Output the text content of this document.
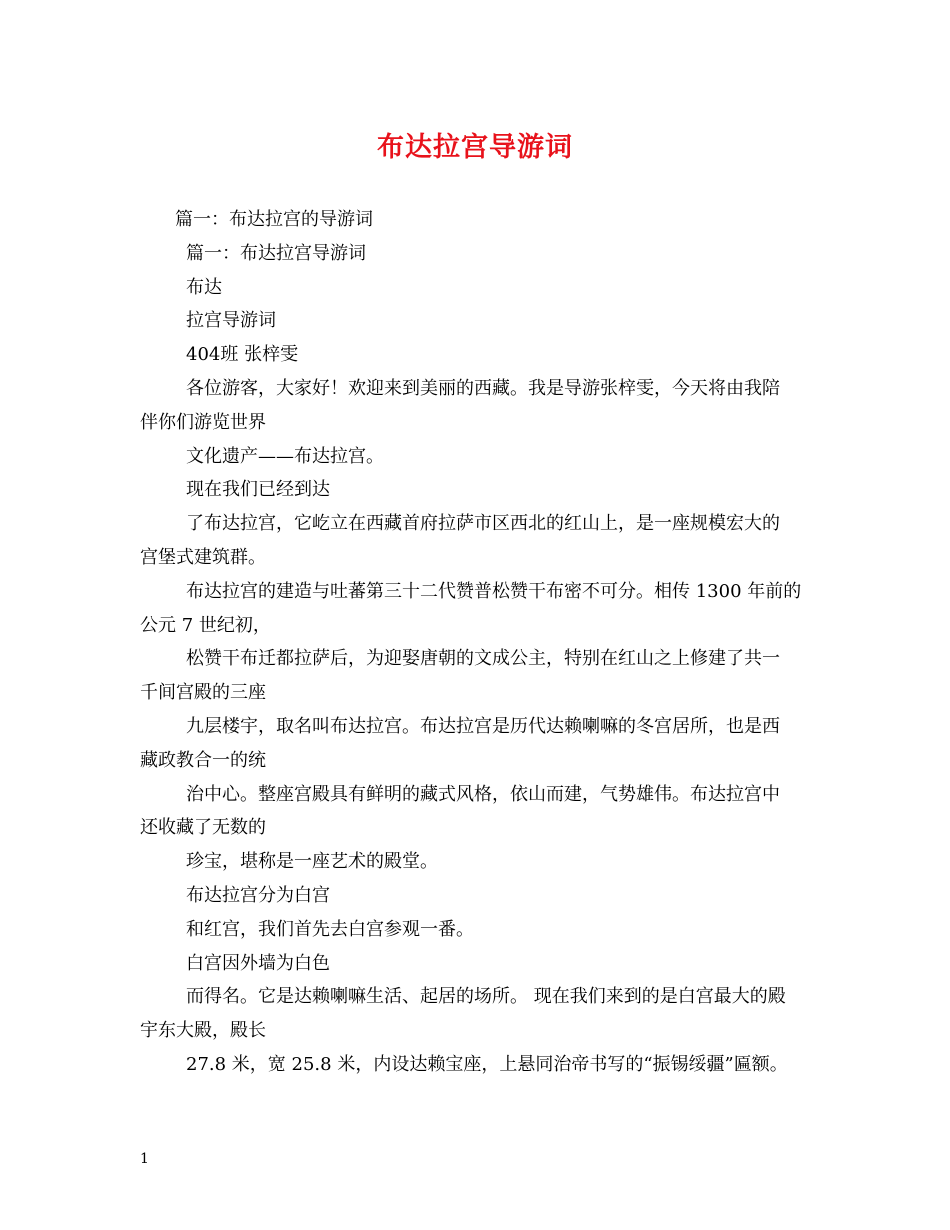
布达拉宫导游词

篇一：布达拉宫的导游词

篇一：布达拉宫导游词

布达

拉宫导游词

404班 张梓雯

各位游客，大家好！欢迎来到美丽的西藏。我是导游张梓雯，今天将由我陪

伴你们游览世界

文化遗产——布达拉宫。

现在我们已经到达

了布达拉宫，它屹立在西藏首府拉萨市区西北的红山上，是一座规模宏大的

宫堡式建筑群。

布达拉宫的建造与吐蕃第三十二代赞普松赞干布密不可分。相传 1300 年前的

公元 7 世纪初，

松赞干布迁都拉萨后，为迎娶唐朝的文成公主，特别在红山之上修建了共一

千间宫殿的三座

九层楼宇，取名叫布达拉宫。布达拉宫是历代达赖喇嘛的冬宫居所，也是西

藏政教合一的统

治中心。整座宫殿具有鲜明的藏式风格，依山而建，气势雄伟。布达拉宫中

还收藏了无数的

珍宝，堪称是一座艺术的殿堂。

布达拉宫分为白宫

和红宫，我们首先去白宫参观一番。

白宫因外墙为白色

而得名。它是达赖喇嘛生活、起居的场所。 现在我们来到的是白宫最大的殿

宇东大殿，殿长

27.8 米，宽 25.8 米，内设达赖宝座，上悬同治帝书写的“振锡绥疆”匾额。

1
